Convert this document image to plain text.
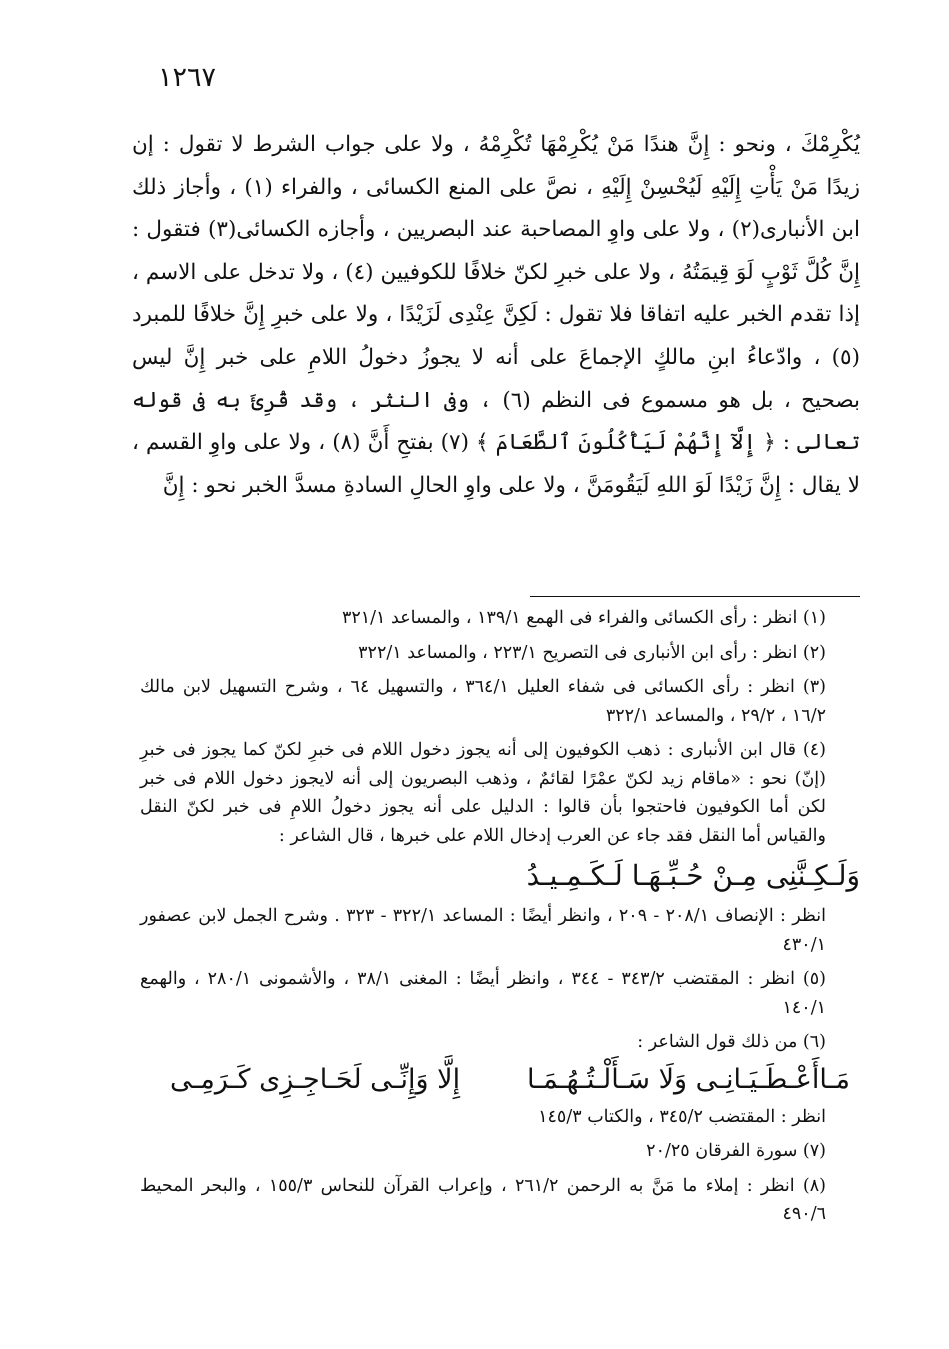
١٢٦٧

يُكْرِمْكَ ، ونحو : إِنَّ هندًا مَنْ يُكْرِمْهَا تُكْرِمْهُ ، ولا على جواب الشرط لا تقول : إن زيدًا مَنْ يَأْتِ إِلَيْهِ لَيُحْسِنْ إِلَيْهِ ، نصَّ على المنع الكسائى ، والفراء (١) ، وأجاز ذلك ابن الأنبارى(٢) ، ولا على واوِ المصاحبة عند البصريين ، وأجازه الكسائى(٣) فتقول : إِنَّ كُلَّ ثَوْبٍ لَوَ قِيمَتُهُ ، ولا على خبرِ لكنّ خلافًا للكوفيين (٤) ، ولا تدخل على الاسم ، إذا تقدم الخبر عليه اتفاقا فلا تقول : لَكِنَّ عِنْدِى لَزَيْدًا ، ولا على خبرِ إِنَّ خلافًا للمبرد (٥) ، وادّعاءُ ابنِ مالكٍ الإجماعَ على أنه لا يجوزُ دخولُ اللامِ على خبر إِنَّ ليس بصحيح ، بل هو مسموع فى النظم (٦) ، وفى النثر ، وقد قُرِئَ به فى قوله تعالى : ﴿ إِلَّآ إِنَّهُمْ لَيَأْكُلُونَ ٱلطَّعَامَ ﴾ (٧) بفتحِ أَنَّ (٨) ، ولا على واوِ القسم ، لا يقال : إِنَّ زَيْدًا لَوَ اللهِ لَيَقُومَنَّ ، ولا على واوِ الحالِ السادةِ مسدَّ الخبر نحو : إِنَّ

(١) انظر : رأى الكسائى والفراء فى الهمع ١٣٩/١ ، والمساعد ٣٢١/١

(٢) انظر : رأى ابن الأنبارى فى التصريح ٢٢٣/١ ، والمساعد ٣٢٢/١

(٣) انظر : رأى الكسائى فى شفاء العليل ٣٦٤/١ ، والتسهيل ٦٤ ، وشرح التسهيل لابن مالك ١٦/٢ ، ٢٩/٢ ، والمساعد ٣٢٢/١

(٤) قال ابن الأنبارى : ذهب الكوفيون إلى أنه يجوز دخول اللام فى خبرِ لكنّ كما يجوز فى خبرِ (إنّ) نحو : «ماقام زيد لكنّ عمْرًا لقائمٌ ، وذهب البصريون إلى أنه لايجوز دخول اللام فى خبر لكن أما الكوفيون فاحتجوا بأن قالوا : الدليل على أنه يجوز دخولُ اللامِ فى خبر لكنّ النقل والقياس أما النقل فقد جاء عن العرب إدخال اللام على خبرها ، قال الشاعر :

وَلَـكِـنَّنِى مِـنْ حُـبِّـهَـا لَـكَـمِـيـدُ

انظر : الإنصاف ٢٠٨/١ - ٢٠٩ ، وانظر أيضًا : المساعد ٣٢٢/١ - ٣٢٣ . وشرح الجمل لابن عصفور ٤٣٠/١

(٥) انظر : المقتضب ٣٤٣/٢ - ٣٤٤ ، وانظر أيضًا : المغنى ٣٨/١ ، والأشمونى ٢٨٠/١ ، والهمع ١٤٠/١

(٦) من ذلك قول الشاعر :

مَـاأَعْـطَـيَـانِـى وَلَا سَـأَلْـتُـهُـمَـا
إِلَّا وَإِنِّـى لَحَـاجِـزِى كَـرَمِـى

انظر : المقتضب ٣٤٥/٢ ، والكتاب ١٤٥/٣

(٧) سورة الفرقان ٢٠/٢٥

(٨) انظر : إملاء ما مَنَّ به الرحمن ٢٦١/٢ ، وإعراب القرآن للنحاس ١٥٥/٣ ، والبحر المحيط ٤٩٠/٦
